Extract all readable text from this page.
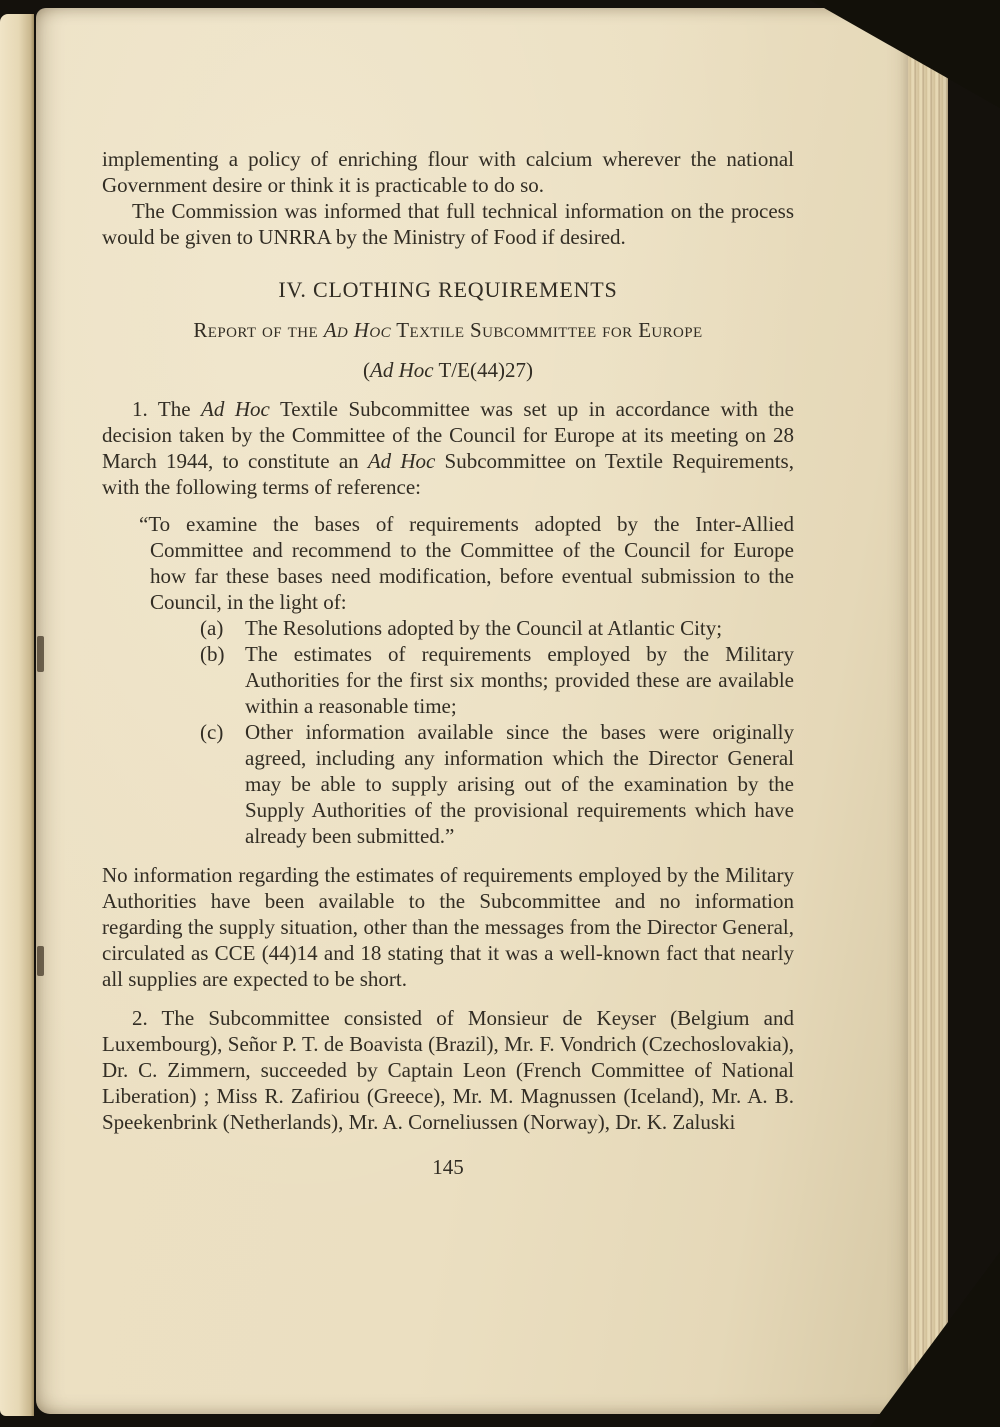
implementing a policy of enriching flour with calcium wherever the national Government desire or think it is practicable to do so.

The Commission was informed that full technical information on the process would be given to UNRRA by the Ministry of Food if desired.

IV. CLOTHING REQUIREMENTS
Report of the Ad Hoc Textile Subcommittee for Europe

(Ad Hoc T/E(44)27)

1. The Ad Hoc Textile Subcommittee was set up in accordance with the decision taken by the Committee of the Council for Europe at its meeting on 28 March 1944, to constitute an Ad Hoc Subcommittee on Textile Requirements, with the following terms of reference:

“To examine the bases of requirements adopted by the Inter-Allied Committee and recommend to the Committee of the Council for Europe how far these bases need modification, before eventual submission to the Council, in the light of:

(a)	The Resolutions adopted by the Council at Atlantic City;
(b) The estimates of requirements employed by the Military Authorities for the first six months; provided these are available within a reasonable time;
(c)	Other information available since the bases were originally agreed, including any information which the Director General may be able to supply arising out of the examination by the Supply Authorities of the provisional requirements which have already been submitted.”

No information regarding the estimates of requirements employed by the Military Authorities have been available to the Subcommittee and no information regarding the supply situation, other than the messages from the Director General, circulated as CCE (44)14 and 18 stating that it was a well-known fact that nearly all supplies are expected to be short.

2. The Subcommittee consisted of Monsieur de Keyser (Belgium and Luxembourg), Señor P. T. de Boavista (Brazil), Mr. F. Vondrich (Czechoslovakia), Dr. C. Zimmern, succeeded by Captain Leon (French Committee of National Liberation) ; Miss R. Zafiriou (Greece), Mr. M. Magnussen (Iceland), Mr. A. B. Speekenbrink (Netherlands), Mr. A. Corneliussen (Norway), Dr. K. Zaluski

145
